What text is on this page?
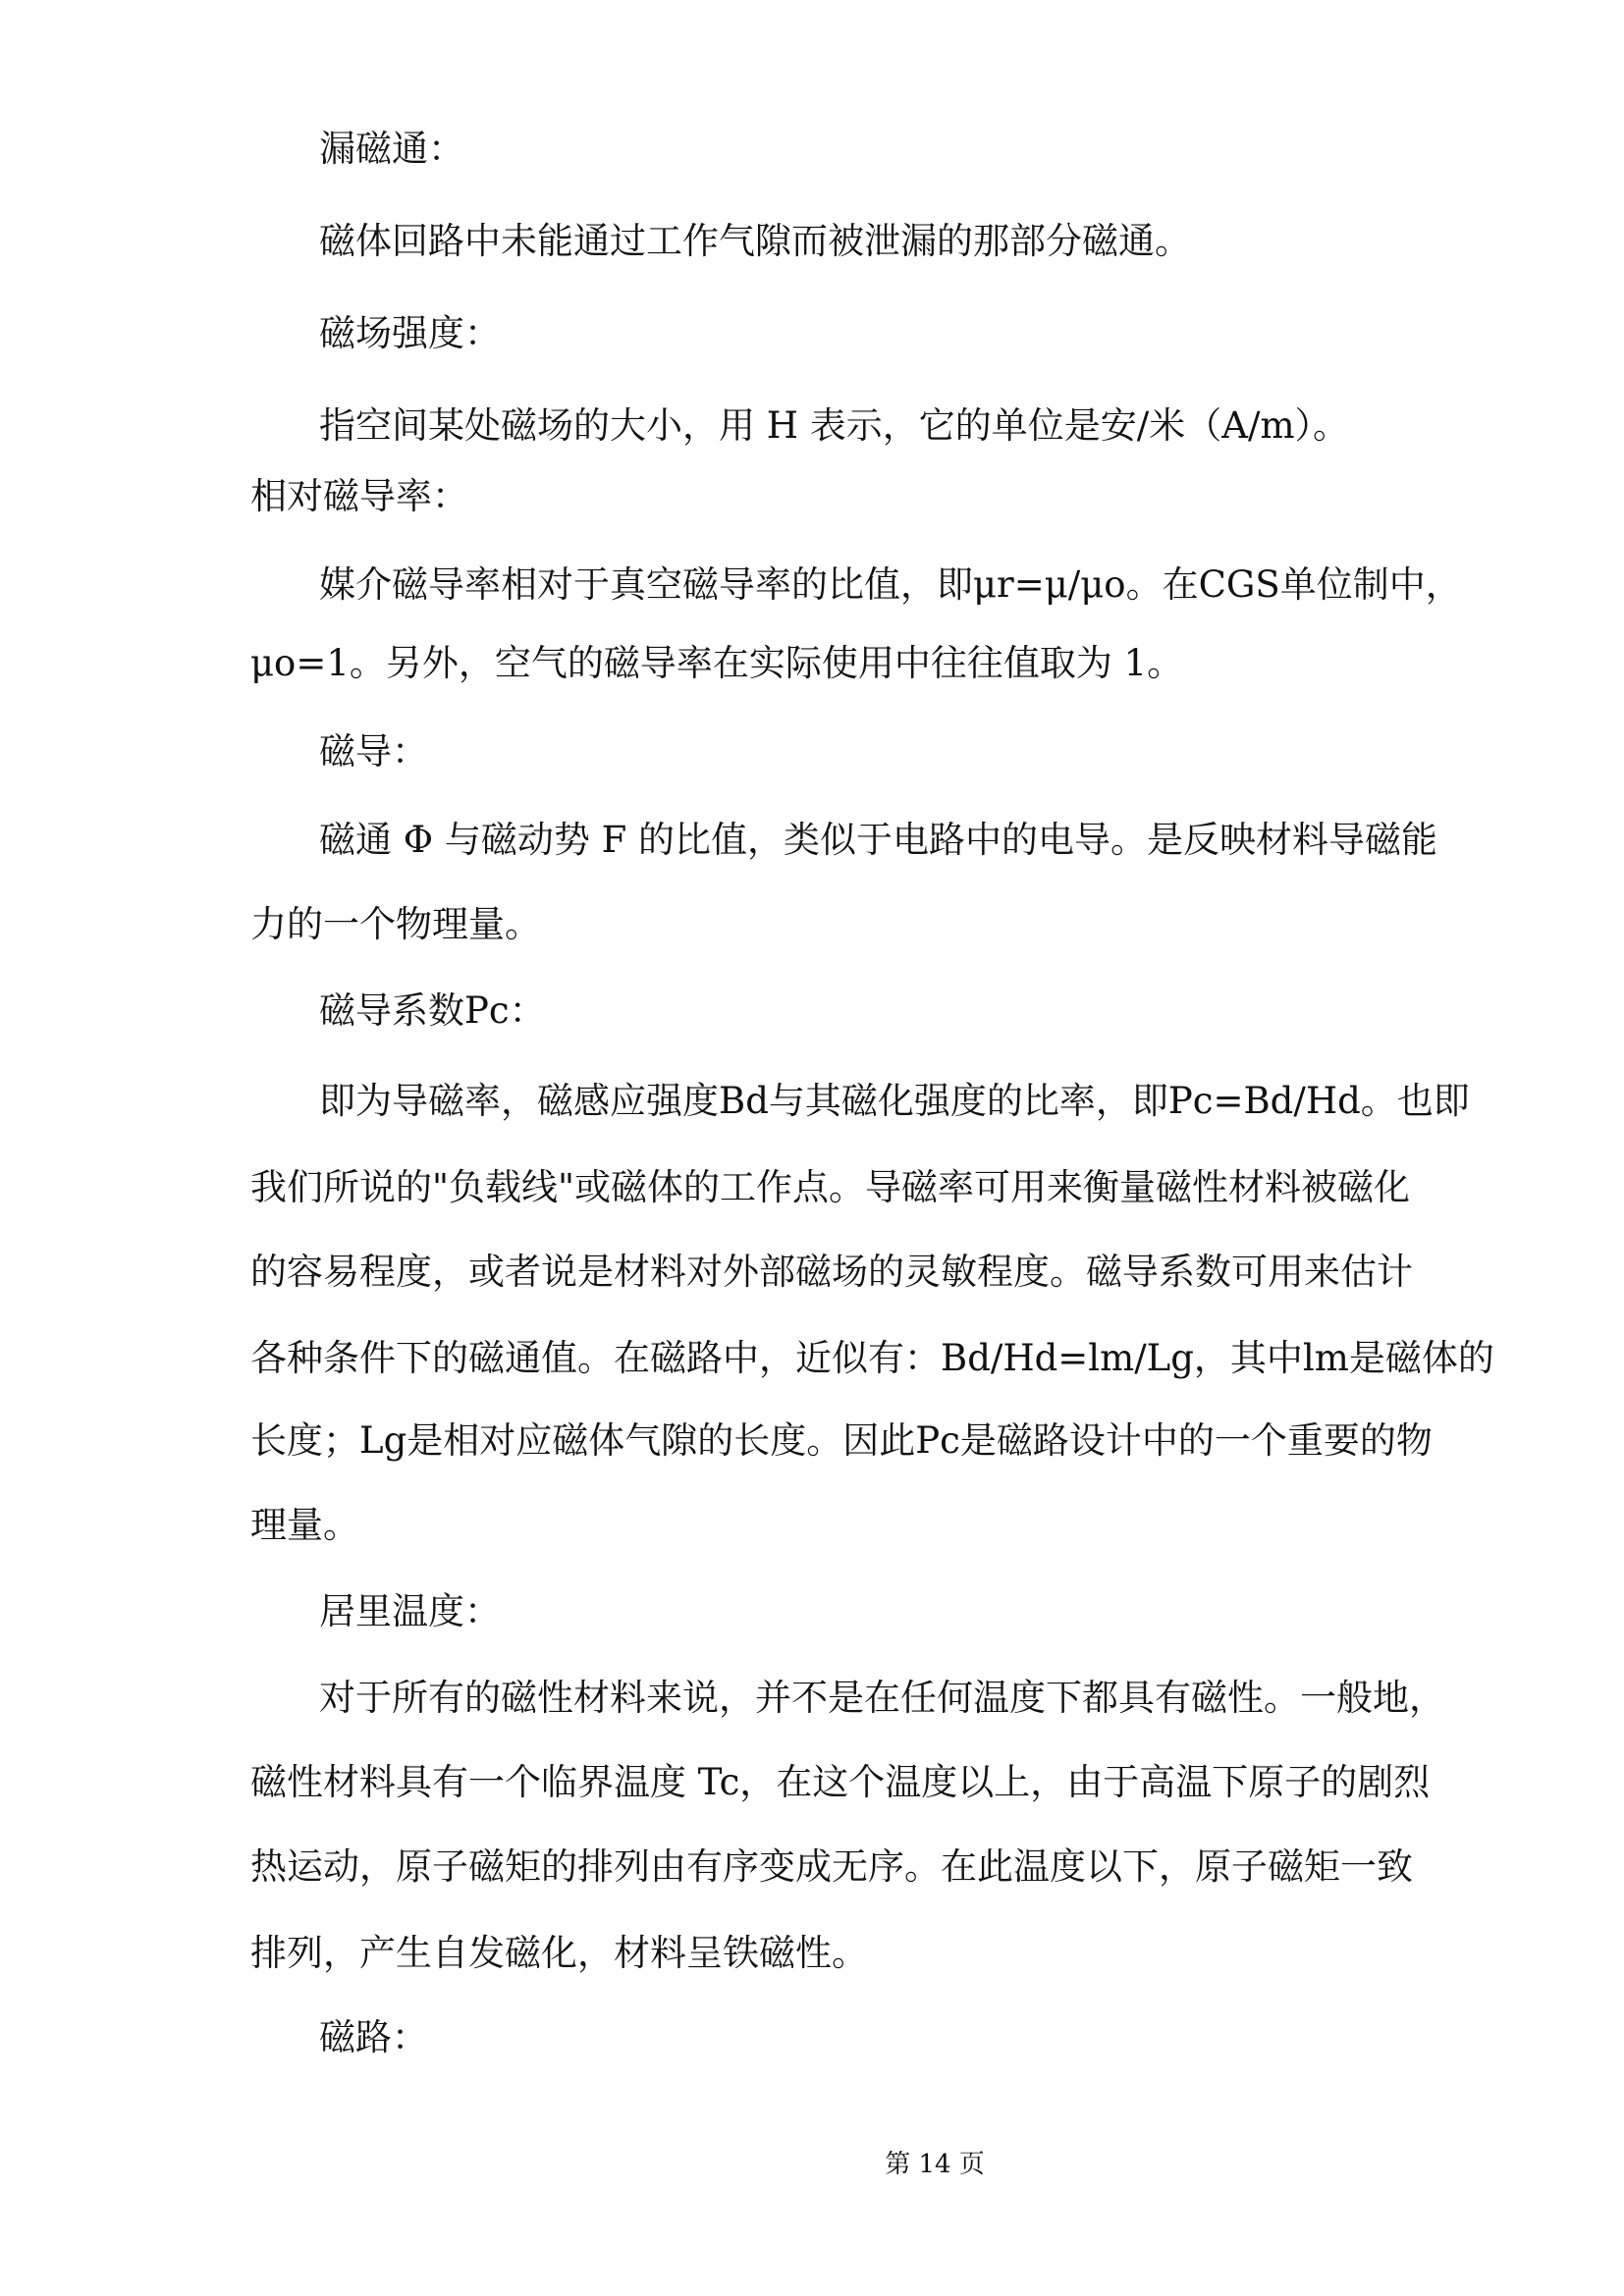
漏磁通：
磁体回路中未能通过工作气隙而被泄漏的那部分磁通。
磁场强度：
指空间某处磁场的大小，用 H 表示，它的单位是安/米（A/m）。
相对磁导率：
媒介磁导率相对于真空磁导率的比值，即μr=μ/μo。在CGS单位制中，
μo=1。另外，空气的磁导率在实际使用中往往值取为 1。
磁导：
磁通 Φ 与磁动势 F 的比值，类似于电路中的电导。是反映材料导磁能
力的一个物理量。
磁导系数Pc：
即为导磁率，磁感应强度Bd与其磁化强度的比率，即Pc=Bd/Hd。也即
我们所说的"负载线"或磁体的工作点。导磁率可用来衡量磁性材料被磁化
的容易程度，或者说是材料对外部磁场的灵敏程度。磁导系数可用来估计
各种条件下的磁通值。在磁路中，近似有：Bd/Hd=lm/Lg，其中lm是磁体的
长度；Lg是相对应磁体气隙的长度。因此Pc是磁路设计中的一个重要的物
理量。
居里温度：
对于所有的磁性材料来说，并不是在任何温度下都具有磁性。一般地，
磁性材料具有一个临界温度 Tc，在这个温度以上，由于高温下原子的剧烈
热运动，原子磁矩的排列由有序变成无序。在此温度以下，原子磁矩一致
排列，产生自发磁化，材料呈铁磁性。
磁路：
第 14 页
